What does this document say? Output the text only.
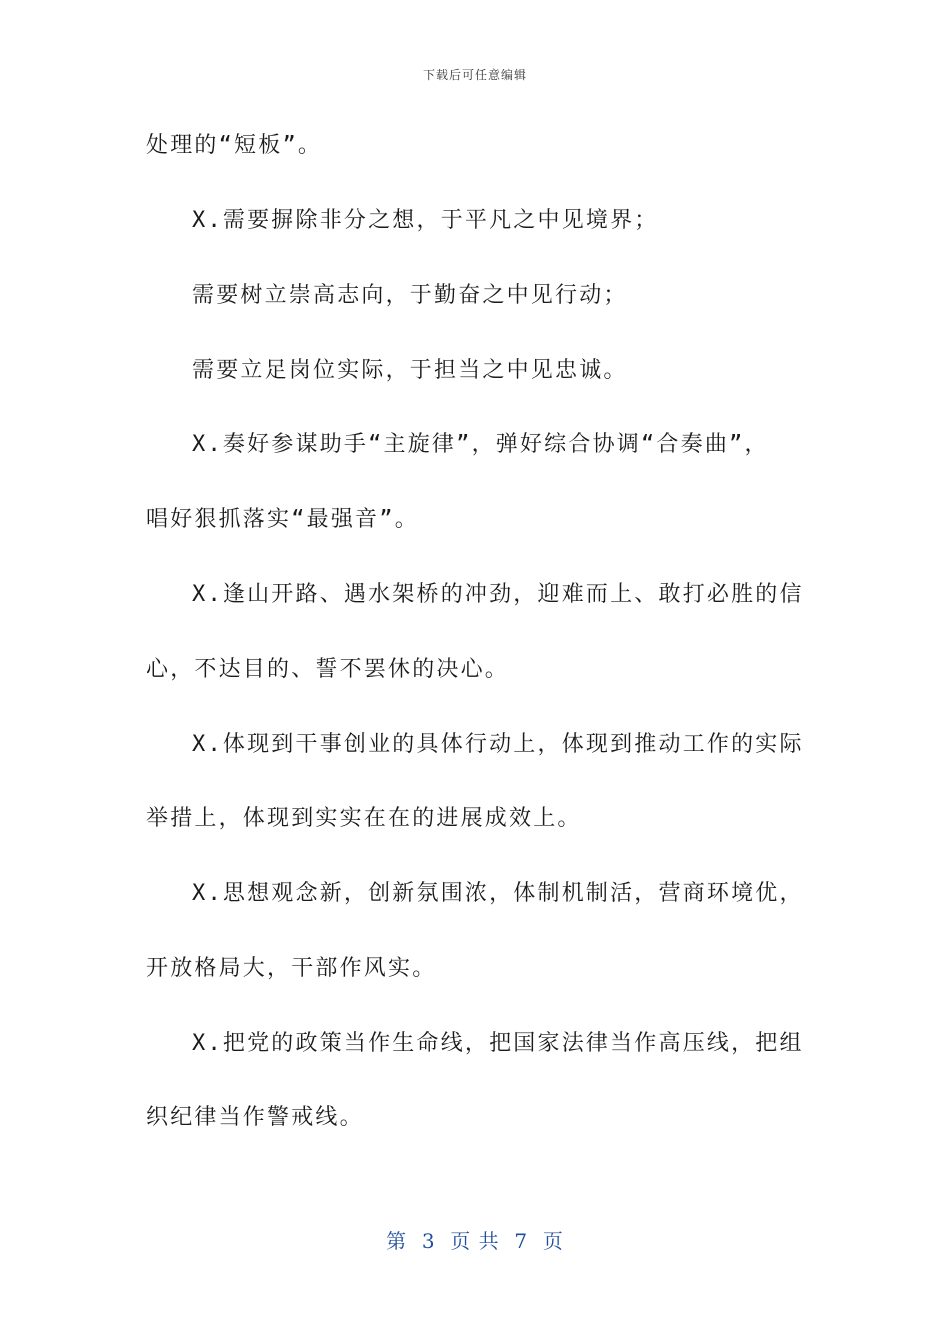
下载后可任意编辑
处理的“短板”。
X.需要摒除非分之想，于平凡之中见境界；
需要树立崇高志向，于勤奋之中见行动；
需要立足岗位实际，于担当之中见忠诚。
X.奏好参谋助手“主旋律”，弹好综合协调“合奏曲”，
唱好狠抓落实“最强音”。
X.逢山开路、遇水架桥的冲劲，迎难而上、敢打必胜的信
心，不达目的、誓不罢休的决心。
X.体现到干事创业的具体行动上，体现到推动工作的实际
举措上，体现到实实在在的进展成效上。
X.思想观念新，创新氛围浓，体制机制活，营商环境优，
开放格局大，干部作风实。
X.把党的政策当作生命线，把国家法律当作高压线，把组
织纪律当作警戒线。
第  3  页 共  7  页
